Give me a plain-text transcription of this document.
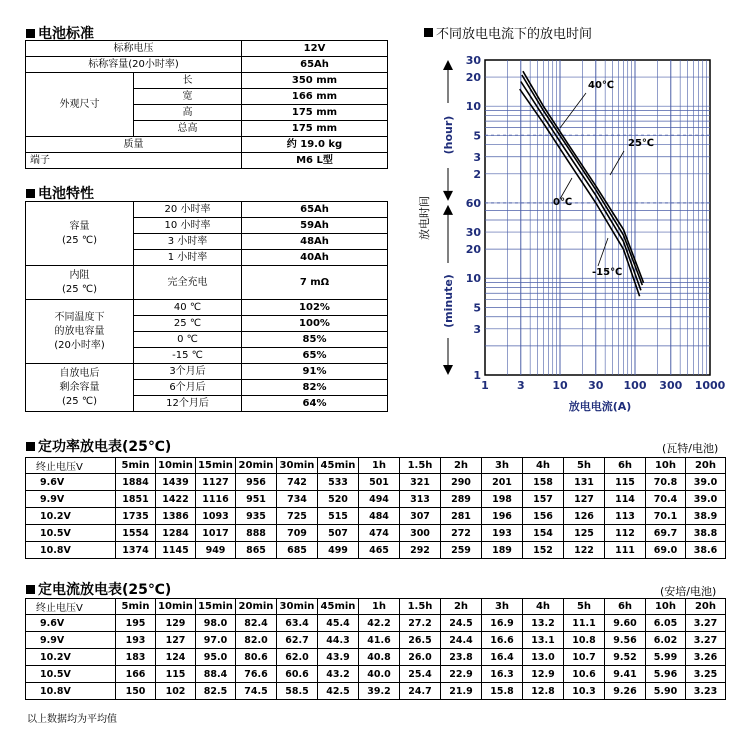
电池标准
标称电压		12V
标称容量(20小时率)		65Ah
外观尺寸	长	350 mm
	宽	166 mm
	高	175 mm
	总高	175 mm
质量		约 19.0 kg
端子		M6 L型
电池特性
容量
(25 ℃)	20 小时率	65Ah
	10 小时率	59Ah
	3 小时率	48Ah
	1 小时率	40Ah

内阻
(25 ℃)	完全充电	7 mΩ

不同温度下
的放电容量
(20小时率)	40 ℃	102%
	25 ℃	100%
	0 ℃	85%
	-15 ℃	65%

自放电后
剩余容量
(25 ℃)	3个月后	91%
	6个月后	82%
	12个月后	64%
不同放电电流下的放电时间
1	3	10 30 100 300 1000
30
20
10
5
3
2
60
30
20
10
5
3
1
(hour)
(minute)
放电时间
放电电流(A)
40℃
25℃
0℃
-15℃
定功率放电表(25℃)	(瓦特/电池)
终止电压V	5min	10min	15min	20min	30min	45min	1h	1.5h	2h	3h	4h	5h	6h	10h	20h
9.6V	1884	1439	1127	956	742	533	501	321	290	201	158	131	115	70.8	39.0
9.9V	1851	1422	1116	951	734	520	494	313	289	198	157	127	114	70.4	39.0
10.2V	1735	1386	1093	935	725	515	484	307	281	196	156	126	113	70.1	38.9
10.5V	1554	1284	1017	888	709	507	474	300	272	193	154	125	112	69.7	38.8
10.8V	1374	1145	949	865	685	499	465	292	259	189	152	122	111	69.0	38.6
定电流放电表(25℃)	(安培/电池)
终止电压V	5min	10min	15min	20min	30min	45min	1h	1.5h	2h	3h	4h	5h	6h	10h	20h
9.6V	195	129	98.0	82.4	63.4	45.4	42.2	27.2	24.5	16.9	13.2	11.1	9.60	6.05	3.27
9.9V	193	127	97.0	82.0	62.7	44.3	41.6	26.5	24.4	16.6	13.1	10.8	9.56	6.02	3.27
10.2V	183	124	95.0	80.6	62.0	43.9	40.8	26.0	23.8	16.4	13.0	10.7	9.52	5.99	3.26
10.5V	166	115	88.4	76.6	60.6	43.2	40.0	25.4	22.9	16.3	12.9	10.6	9.41	5.96	3.25
10.8V	150	102	82.5	74.5	58.5	42.5	39.2	24.7	21.9	15.8	12.8	10.3	9.26	5.90	3.23
以上数据均为平均值
